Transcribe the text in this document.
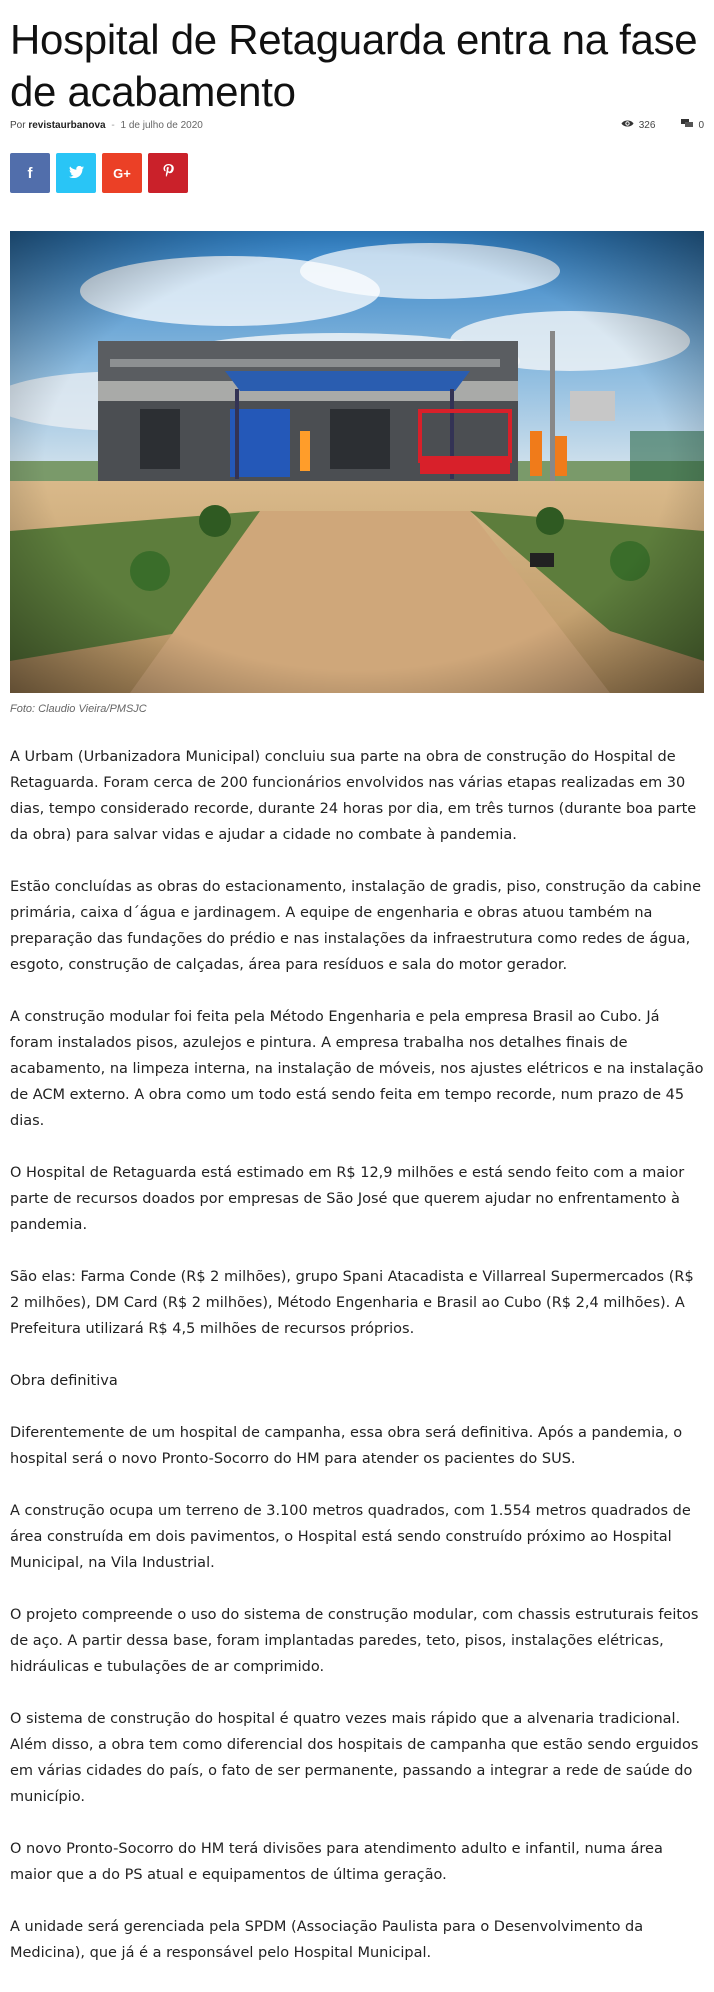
Hospital de Retaguarda entra na fase de acabamento
Por revistaurbanova - 1 de julho de 2020	326	0
f	G+
Foto: Claudio Vieira/PMSJC

A Urbam (Urbanizadora Municipal) concluiu sua parte na obra de construção do Hospital de Retaguarda. Foram cerca de 200 funcionários envolvidos nas várias etapas realizadas em 30 dias, tempo considerado recorde, durante 24 horas por dia, em três turnos (durante boa parte da obra) para salvar vidas e ajudar a cidade no combate à pandemia.

Estão concluídas as obras do estacionamento, instalação de gradis, piso, construção da cabine primária, caixa d´água e jardinagem. A equipe de engenharia e obras atuou também na preparação das fundações do prédio e nas instalações da infraestrutura como redes de água, esgoto, construção de calçadas, área para resíduos e sala do motor gerador.

A construção modular foi feita pela Método Engenharia e pela empresa Brasil ao Cubo. Já foram instalados pisos, azulejos e pintura. A empresa trabalha nos detalhes finais de acabamento, na limpeza interna, na instalação de móveis, nos ajustes elétricos e na instalação de ACM externo. A obra como um todo está sendo feita em tempo recorde, num prazo de 45 dias.

O Hospital de Retaguarda está estimado em R$ 12,9 milhões e está sendo feito com a maior parte de recursos doados por empresas de São José que querem ajudar no enfrentamento à pandemia.

São elas: Farma Conde (R$ 2 milhões), grupo Spani Atacadista e Villarreal Supermercados (R$ 2 milhões), DM Card (R$ 2 milhões), Método Engenharia e Brasil ao Cubo (R$ 2,4 milhões). A Prefeitura utilizará R$ 4,5 milhões de recursos próprios.

Obra definitiva

Diferentemente de um hospital de campanha, essa obra será definitiva. Após a pandemia, o hospital será o novo Pronto-Socorro do HM para atender os pacientes do SUS.

A construção ocupa um terreno de 3.100 metros quadrados, com 1.554 metros quadrados de área construída em dois pavimentos, o Hospital está sendo construído próximo ao Hospital Municipal, na Vila Industrial.

O projeto compreende o uso do sistema de construção modular, com chassis estruturais feitos de aço. A partir dessa base, foram implantadas paredes, teto, pisos, instalações elétricas, hidráulicas e tubulações de ar comprimido.

O sistema de construção do hospital é quatro vezes mais rápido que a alvenaria tradicional. Além disso, a obra tem como diferencial dos hospitais de campanha que estão sendo erguidos em várias cidades do país, o fato de ser permanente, passando a integrar a rede de saúde do município.

O novo Pronto-Socorro do HM terá divisões para atendimento adulto e infantil, numa área maior que a do PS atual e equipamentos de última geração.

A unidade será gerenciada pela SPDM (Associação Paulista para o Desenvolvimento da Medicina), que já é a responsável pelo Hospital Municipal.
